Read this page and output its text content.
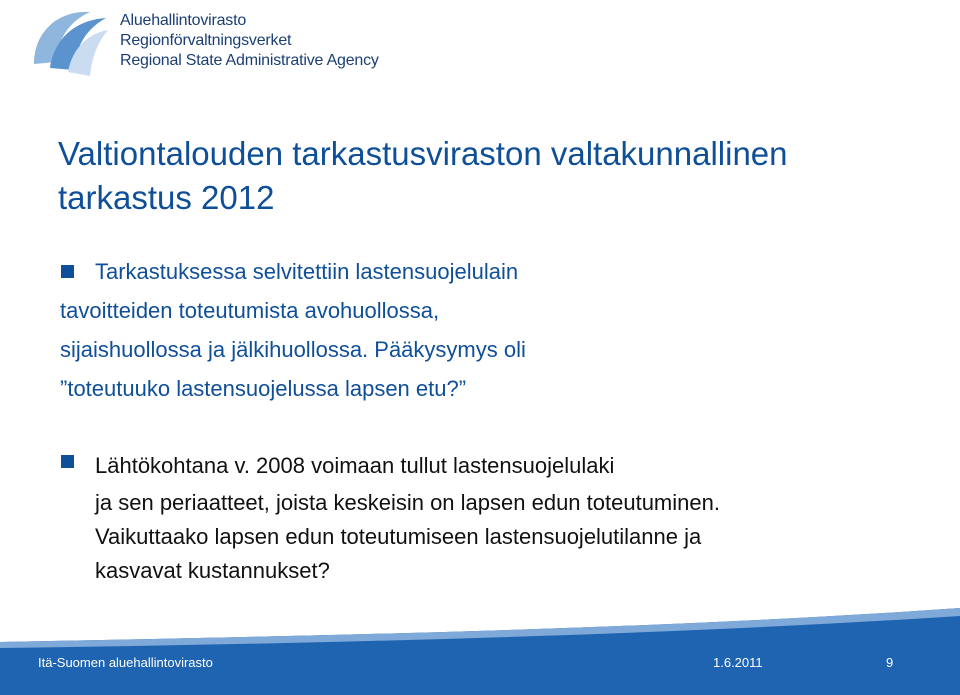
Aluehallintovirasto
Regionförvaltningsverket
Regional State Administrative Agency
Valtiontalouden tarkastusviraston valtakunnallinen
tarkastus 2012
Tarkastuksessa selvitettiin lastensuojelulain
tavoitteiden toteutumista avohuollossa,
sijaishuollossa ja jälkihuollossa. Pääkysymys oli
”toteutuuko lastensuojelussa lapsen etu?”
Lähtökohtana v. 2008 voimaan tullut lastensuojelulaki
ja sen periaatteet, joista keskeisin on lapsen edun toteutuminen.
Vaikuttaako lapsen edun toteutumiseen lastensuojelutilanne ja
kasvavat kustannukset?
Itä-Suomen aluehallintovirasto	1.6.2011	9
